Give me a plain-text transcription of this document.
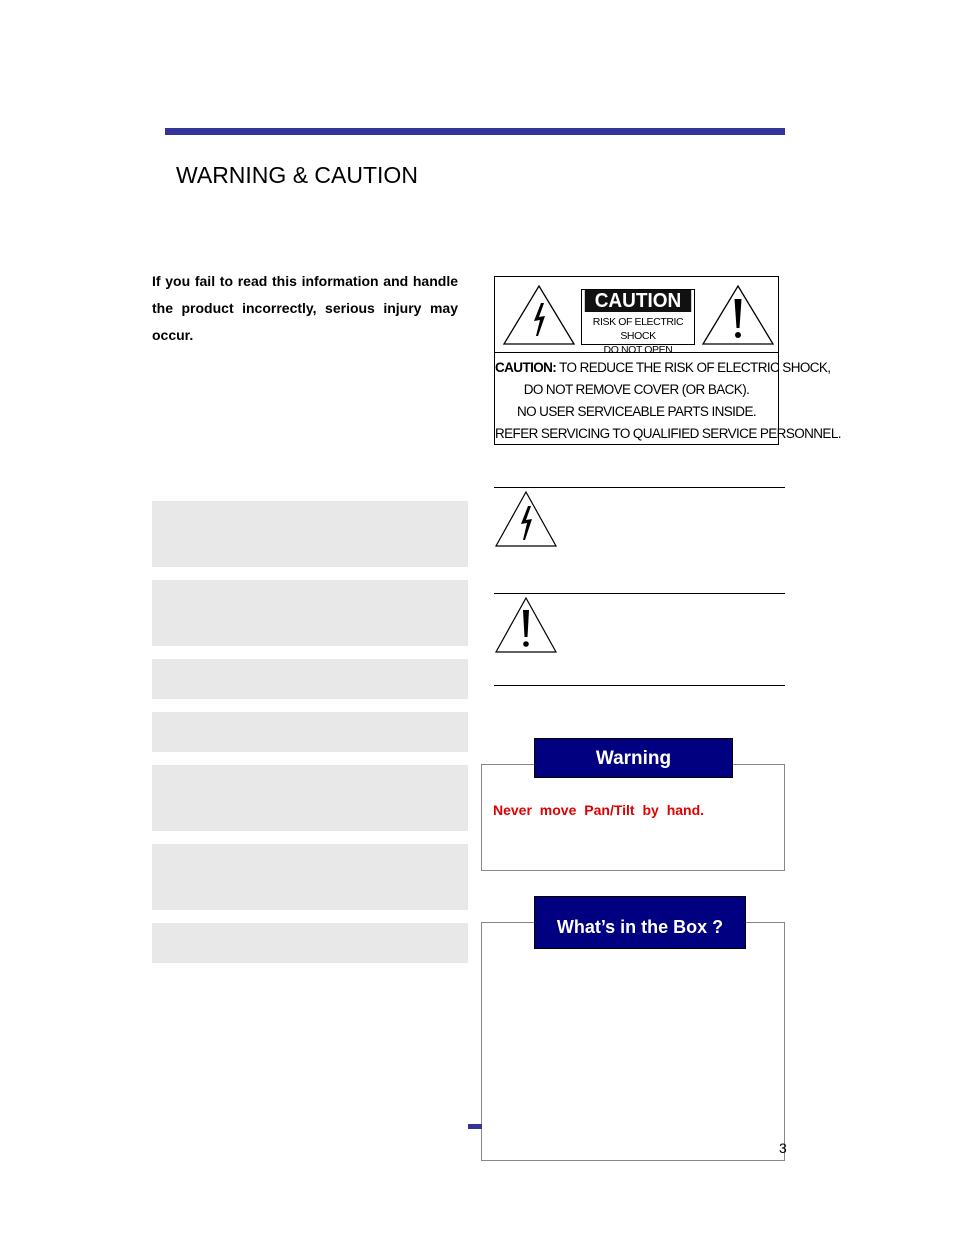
WARNING & CAUTION
If you fail to read this information and handle the product incorrectly, serious injury may occur.
CAUTION
RISK OF ELECTRIC SHOCK
DO NOT OPEN
CAUTION: TO REDUCE THE RISK OF ELECTRIC SHOCK,
DO NOT REMOVE COVER (OR BACK).
NO USER SERVICEABLE PARTS INSIDE.
REFER SERVICING TO QUALIFIED SERVICE PERSONNEL.
Warning
Never move Pan/Tilt by hand.
What’s in the Box ?
3
